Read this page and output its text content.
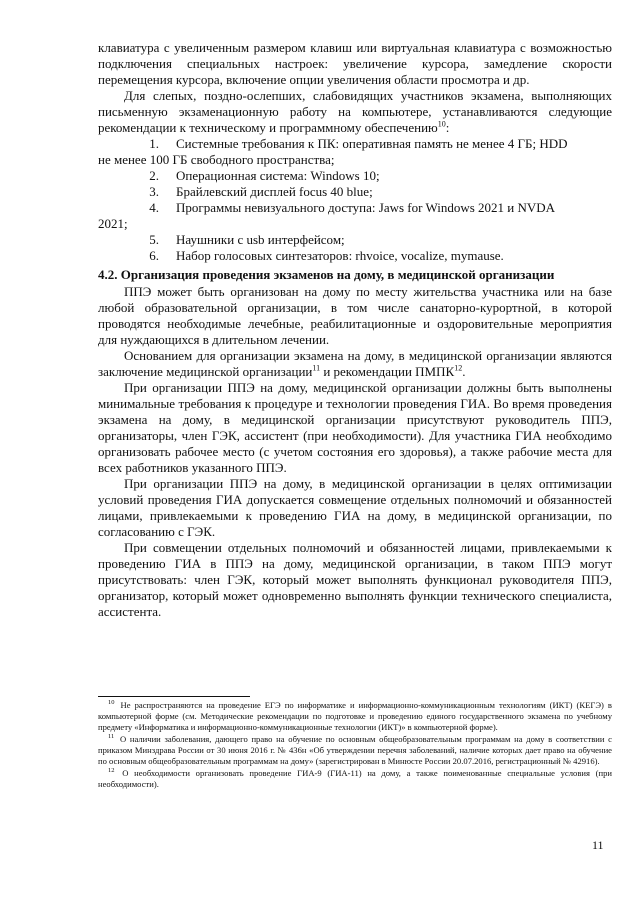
клавиатура с увеличенным размером клавиш или виртуальная клавиатура с возможностью подключения специальных настроек: увеличение курсора, замедление скорости перемещения курсора, включение опции увеличения области просмотра и др.

Для слепых, поздно-ослепших, слабовидящих участников экзамена, выполняющих письменную экзаменационную работу на компьютере, устанавливаются следующие рекомендации к техническому и программному обеспечению$^{10}$:

1.	Системные требования к ПК: оперативная память не менее 4 ГБ; HDD

не менее 100 ГБ свободного пространства;

2.	Операционная система: Windows 10;
3.	Брайлевский дисплей focus 40 blue;
4.	Программы невизуального доступа: Jaws for Windows 2021 и NVDA

2021;

5.	Наушники с usb интерфейсом;
6.	Набор голосовых синтезаторов: rhvoice, vocalize, mymause.

4.2. Организация проведения экзаменов на дому, в медицинской организации

ППЭ может быть организован на дому по месту жительства участника или на базе любой образовательной организации, в том числе санаторно-курортной, в которой проводятся необходимые лечебные, реабилитационные и оздоровительные мероприятия для нуждающихся в длительном лечении.

Основанием для организации экзамена на дому, в медицинской организации являются заключение медицинской организации$^{11}$ и рекомендации ПМПК$^{12}$.

При организации ППЭ на дому, медицинской организации должны быть выполнены минимальные требования к процедуре и технологии проведения ГИА. Во время проведения экзамена на дому, в медицинской организации присутствуют руководитель ППЭ, организаторы, член ГЭК, ассистент (при необходимости). Для участника ГИА необходимо организовать рабочее место (с учетом состояния его здоровья), а также рабочие места для всех работников указанного ППЭ.

При организации ППЭ на дому, в медицинской организации в целях оптимизации условий проведения ГИА допускается совмещение отдельных полномочий и обязанностей лицами, привлекаемыми к проведению ГИА на дому, в медицинской организации, по согласованию с ГЭК.

При совмещении отдельных полномочий и обязанностей лицами, привлекаемыми к проведению ГИА в ППЭ на дому, медицинской организации, в таком ППЭ могут присутствовать: член ГЭК, который может выполнять функционал руководителя ППЭ, организатор, который может одновременно выполнять функции технического специалиста, ассистента.

$^{10}$ Не распространяются на проведение ЕГЭ по информатике и информационно-коммуникационным технологиям (ИКТ) (КЕГЭ) в компьютерной форме (см. Методические рекомендации по подготовке и проведению единого государственного экзамена по учебному предмету «Информатика и информационно-коммуникационные технологии (ИКТ)» в компьютерной форме).

$^{11}$ О наличии заболевания, дающего право на обучение по основным общеобразовательным программам на дому в соответствии с приказом Минздрава России от 30 июня 2016 г. № 436н «Об утверждении перечня заболеваний, наличие которых дает право на обучение по основным общеобразовательным программам на дому» (зарегистрирован в Минюсте России 20.07.2016, регистрационный № 42916).

$^{12}$ О необходимости организовать проведение ГИА-9 (ГИА-11) на дому, а также поименованные специальные условия (при необходимости).

11
